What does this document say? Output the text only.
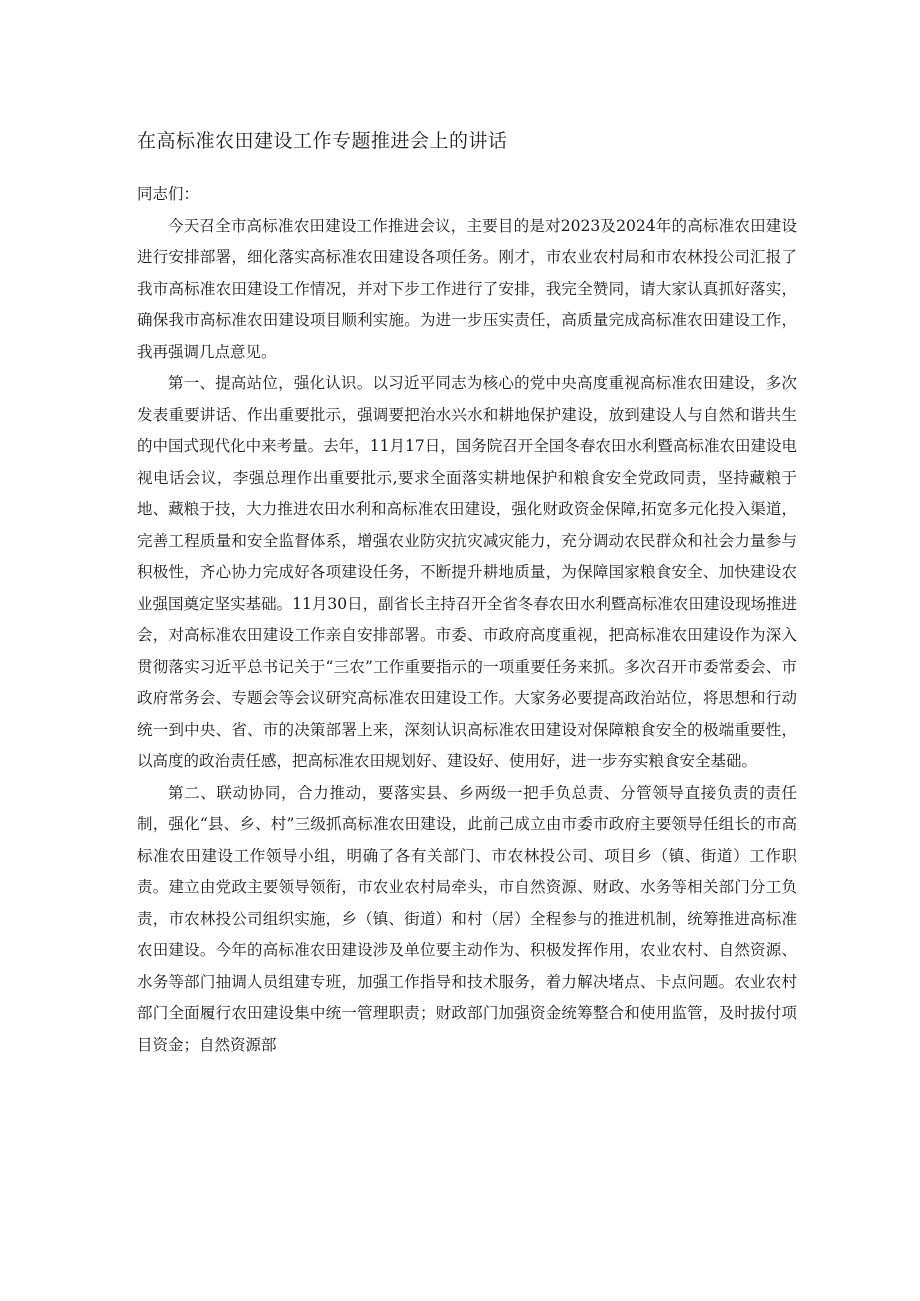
在高标准农田建设工作专题推进会上的讲话

同志们：

今天召全市高标准农田建设工作推进会议，主要目的是对2023及2024年的高标准农田建设进行安排部署，细化落实高标准农田建设各项任务。刚才，市农业农村局和市农林投公司汇报了我市高标准农田建设工作情况，并对下步工作进行了安排，我完全赞同，请大家认真抓好落实，确保我市高标准农田建设项目顺利实施。为进一步压实责任，高质量完成高标准农田建设工作，我再强调几点意见。

第一、提高站位，强化认识。以习近平同志为核心的党中央高度重视高标准农田建设，多次发表重要讲话、作出重要批示，强调要把治水兴水和耕地保护建设，放到建设人与自然和谐共生的中国式现代化中来考量。去年，11月17日，国务院召开全国冬春农田水利暨高标准农田建设电视电话会议，李强总理作出重要批示,要求全面落实耕地保护和粮食安全党政同责，坚持藏粮于地、藏粮于技，大力推进农田水利和高标准农田建设，强化财政资金保障,拓宽多元化投入渠道，完善工程质量和安全监督体系，增强农业防灾抗灾减灾能力，充分调动农民群众和社会力量参与积极性，齐心协力完成好各项建设任务，不断提升耕地质量，为保障国家粮食安全、加快建设农业强国奠定坚实基础。11月30日，副省长主持召开全省冬春农田水利暨高标准农田建设现场推进会，对高标准农田建设工作亲自安排部署。市委、市政府高度重视，把高标准农田建设作为深入贯彻落实习近平总书记关于“三农”工作重要指示的一项重要任务来抓。多次召开市委常委会、市政府常务会、专题会等会议研究高标准农田建设工作。大家务必要提高政治站位，将思想和行动统一到中央、省、市的决策部署上来，深刻认识高标准农田建设对保障粮食安全的极端重要性，以高度的政治责任感，把高标准农田规划好、建设好、使用好，进一步夯实粮食安全基础。

第二、联动协同，合力推动，要落实县、乡两级一把手负总责、分管领导直接负责的责任制，强化“县、乡、村”三级抓高标准农田建设，此前己成立由市委市政府主要领导任组长的市高标准农田建设工作领导小组，明确了各有关部门、市农林投公司、项目乡（镇、街道）工作职责。建立由党政主要领导领衔，市农业农村局牵头，市自然资源、财政、水务等相关部门分工负责，市农林投公司组织实施，乡（镇、街道）和村（居）全程参与的推进机制，统筹推进高标准农田建设。今年的高标准农田建设涉及单位要主动作为、积极发挥作用，农业农村、自然资源、水务等部门抽调人员组建专班，加强工作指导和技术服务，着力解决堵点、卡点问题。农业农村部门全面履行农田建设集中统一管理职责；财政部门加强资金统筹整合和使用监管，及时拔付项目资金；自然资源部
